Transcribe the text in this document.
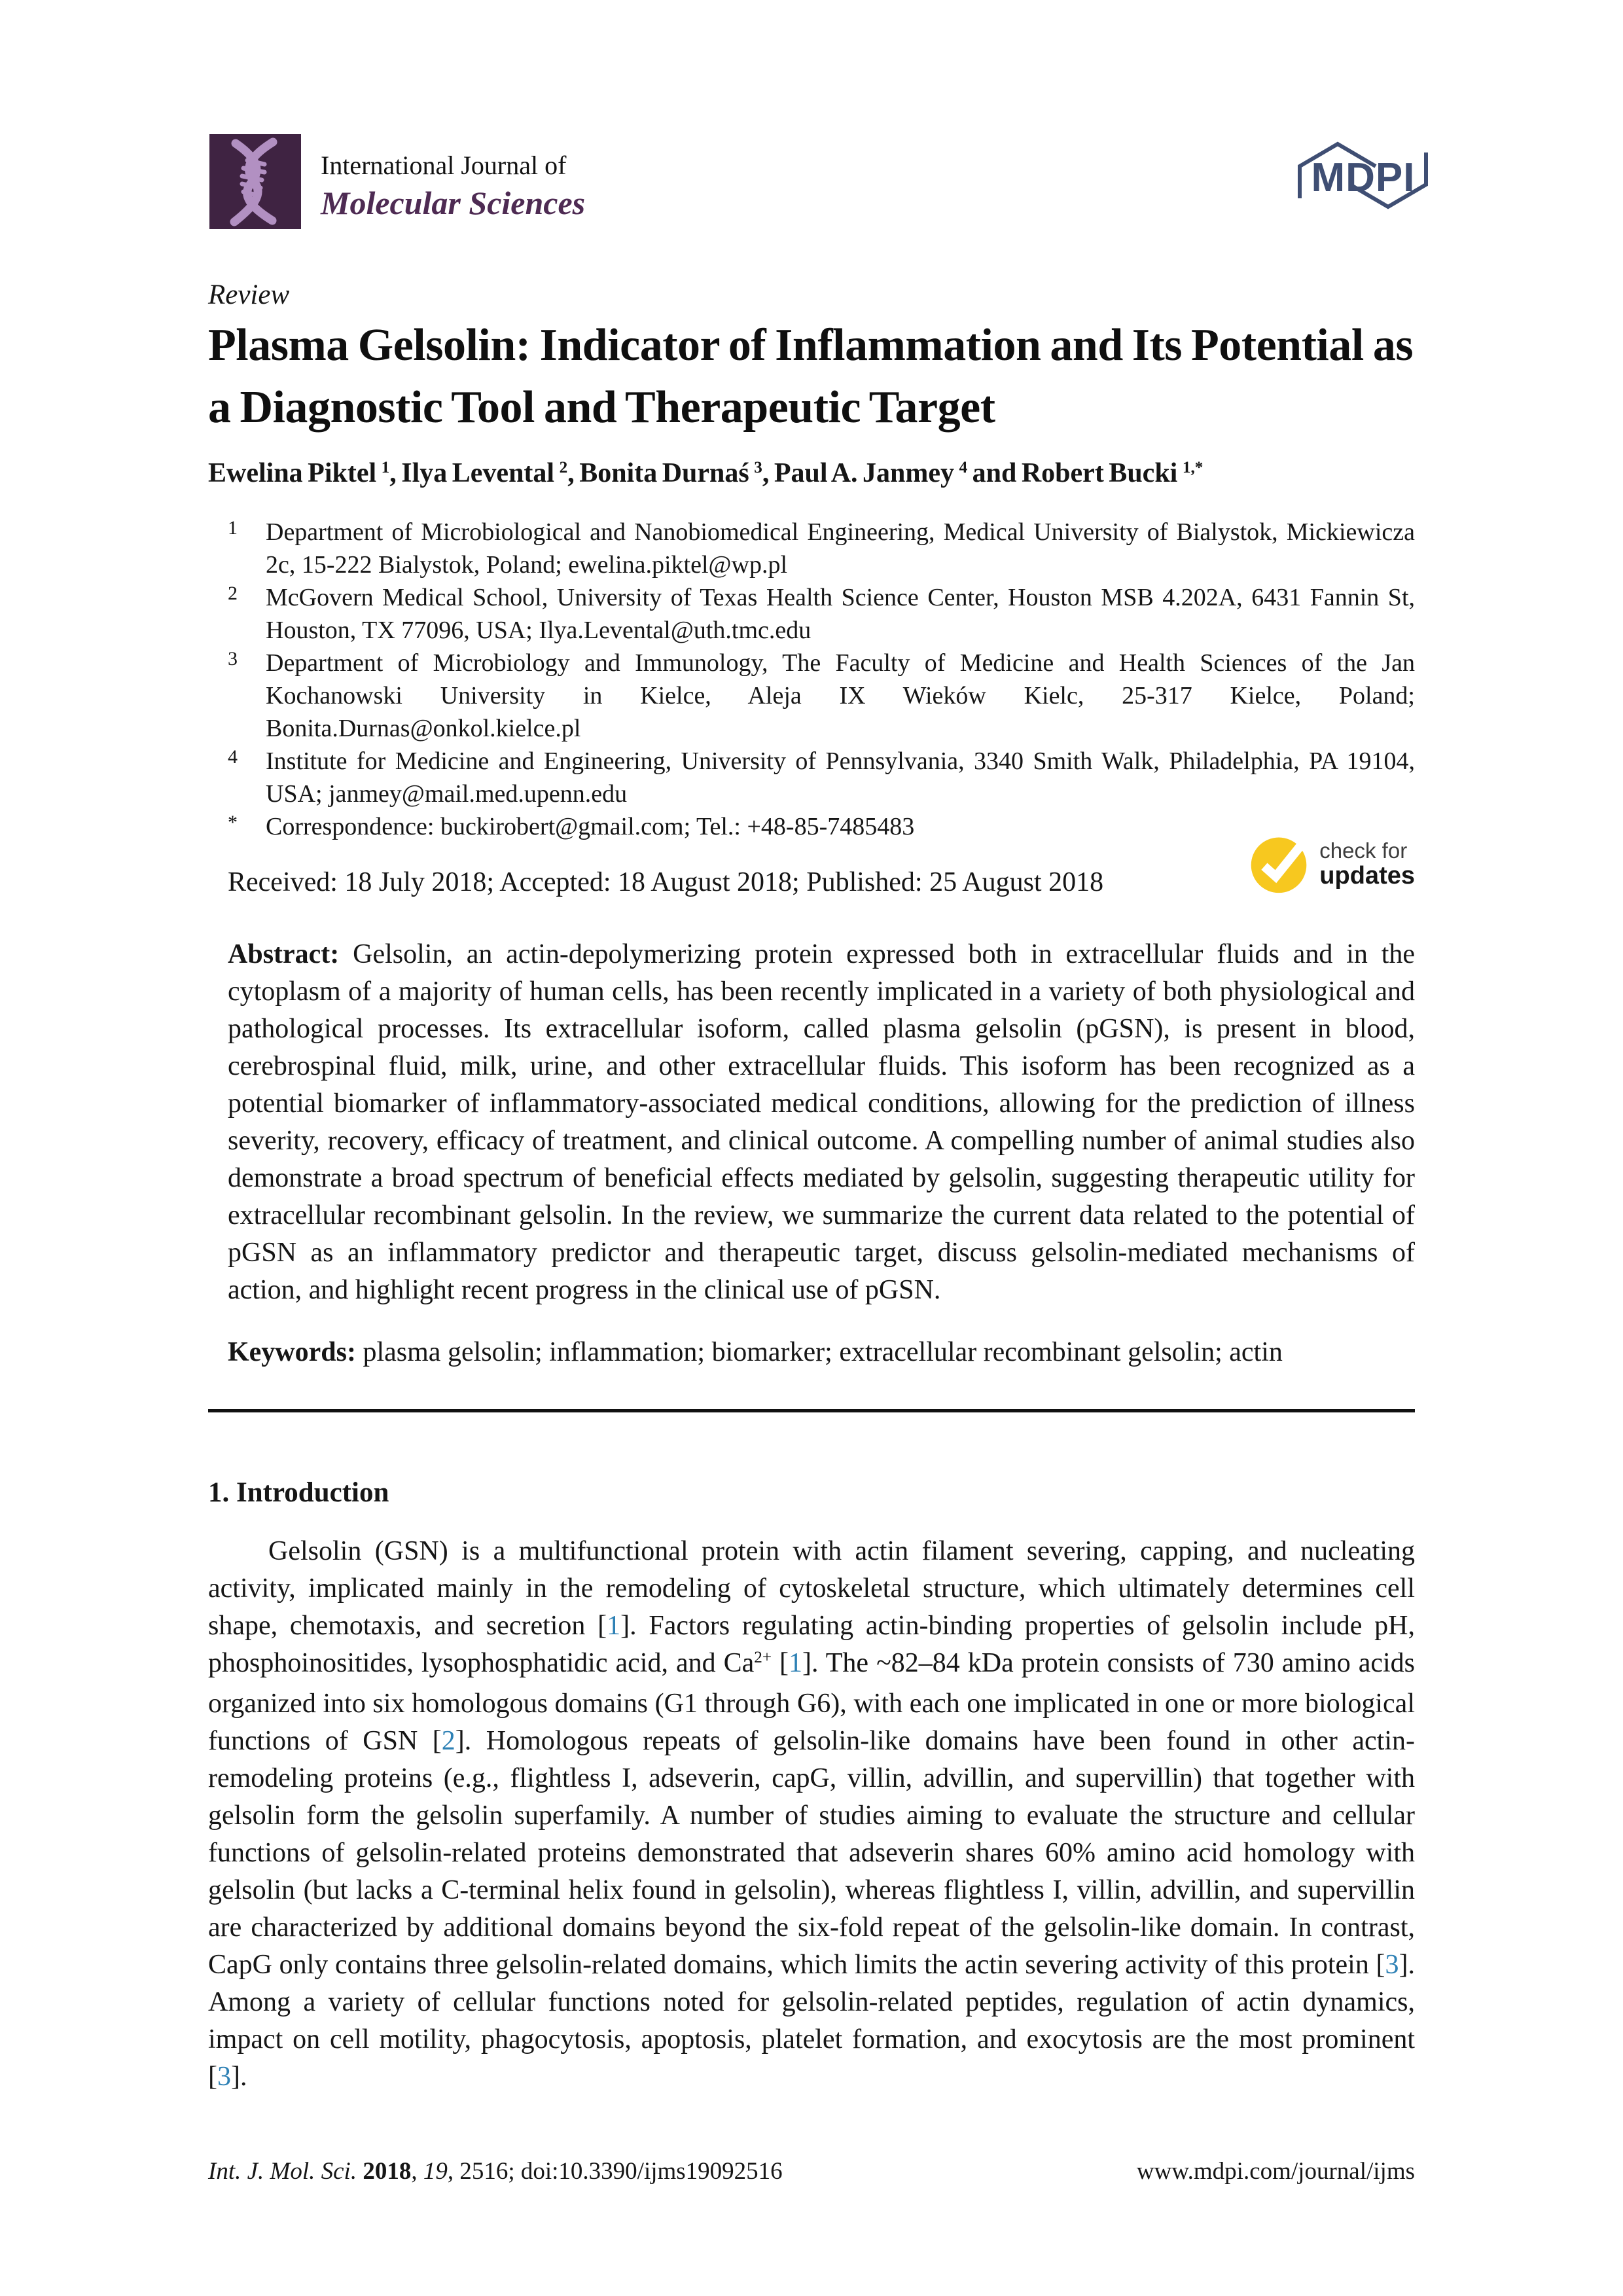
International Journal of
Molecular Sciences
MDPI
Review
Plasma Gelsolin: Indicator of Inflammation and Its Potential as a Diagnostic Tool and Therapeutic Target

Ewelina Piktel $^1$, Ilya Levental $^2$, Bonita Durnaś $^3$, Paul A. Janmey $^4$ and Robert Bucki $^{1,*}$

1	Department of Microbiological and Nanobiomedical Engineering, Medical University of Bialystok, Mickiewicza 2c, 15-222 Bialystok, Poland; ewelina.piktel@wp.pl
2	McGovern Medical School, University of Texas Health Science Center, Houston MSB 4.202A, 6431 Fannin St, Houston, TX 77096, USA; Ilya.Levental@uth.tmc.edu
3	Department of Microbiology and Immunology, The Faculty of Medicine and Health Sciences of the Jan Kochanowski University in Kielce, Aleja IX Wieków Kielc, 25-317 Kielce, Poland; Bonita.Durnas@onkol.kielce.pl
4	Institute for Medicine and Engineering, University of Pennsylvania, 3340 Smith Walk, Philadelphia, PA 19104, USA; janmey@mail.med.upenn.edu
*	Correspondence: buckirobert@gmail.com; Tel.: +48-85-7485483
Received: 18 July 2018; Accepted: 18 August 2018; Published: 25 August 2018
check for
updates

Abstract: Gelsolin, an actin-depolymerizing protein expressed both in extracellular fluids and in the cytoplasm of a majority of human cells, has been recently implicated in a variety of both physiological and pathological processes. Its extracellular isoform, called plasma gelsolin (pGSN), is present in blood, cerebrospinal fluid, milk, urine, and other extracellular fluids. This isoform has been recognized as a potential biomarker of inflammatory-associated medical conditions, allowing for the prediction of illness severity, recovery, efficacy of treatment, and clinical outcome. A compelling number of animal studies also demonstrate a broad spectrum of beneficial effects mediated by gelsolin, suggesting therapeutic utility for extracellular recombinant gelsolin. In the review, we summarize the current data related to the potential of pGSN as an inflammatory predictor and therapeutic target, discuss gelsolin-mediated mechanisms of action, and highlight recent progress in the clinical use of pGSN.

Keywords: plasma gelsolin; inflammation; biomarker; extracellular recombinant gelsolin; actin

1. Introduction

Gelsolin (GSN) is a multifunctional protein with actin filament severing, capping, and nucleating activity, implicated mainly in the remodeling of cytoskeletal structure, which ultimately determines cell shape, chemotaxis, and secretion [1]. Factors regulating actin-binding properties of gelsolin include pH, phosphoinositides, lysophosphatidic acid, and $Ca^{2+}$ [1]. The ~82–84 kDa protein consists of 730 amino acids organized into six homologous domains (G1 through G6), with each one implicated in one or more biological functions of GSN [2]. Homologous repeats of gelsolin-like domains have been found in other actin-remodeling proteins (e.g., flightless I, adseverin, capG, villin, advillin, and supervillin) that together with gelsolin form the gelsolin superfamily. A number of studies aiming to evaluate the structure and cellular functions of gelsolin-related proteins demonstrated that adseverin shares 60% amino acid homology with gelsolin (but lacks a C-terminal helix found in gelsolin), whereas flightless I, villin, advillin, and supervillin are characterized by additional domains beyond the six-fold repeat of the gelsolin-like domain. In contrast, CapG only contains three gelsolin-related domains, which limits the actin severing activity of this protein [3]. Among a variety of cellular functions noted for gelsolin-related peptides, regulation of actin dynamics, impact on cell motility, phagocytosis, apoptosis, platelet formation, and exocytosis are the most prominent [3].

Int. J. Mol. Sci. 2018, 19, 2516; doi:10.3390/ijms19092516	www.mdpi.com/journal/ijms
